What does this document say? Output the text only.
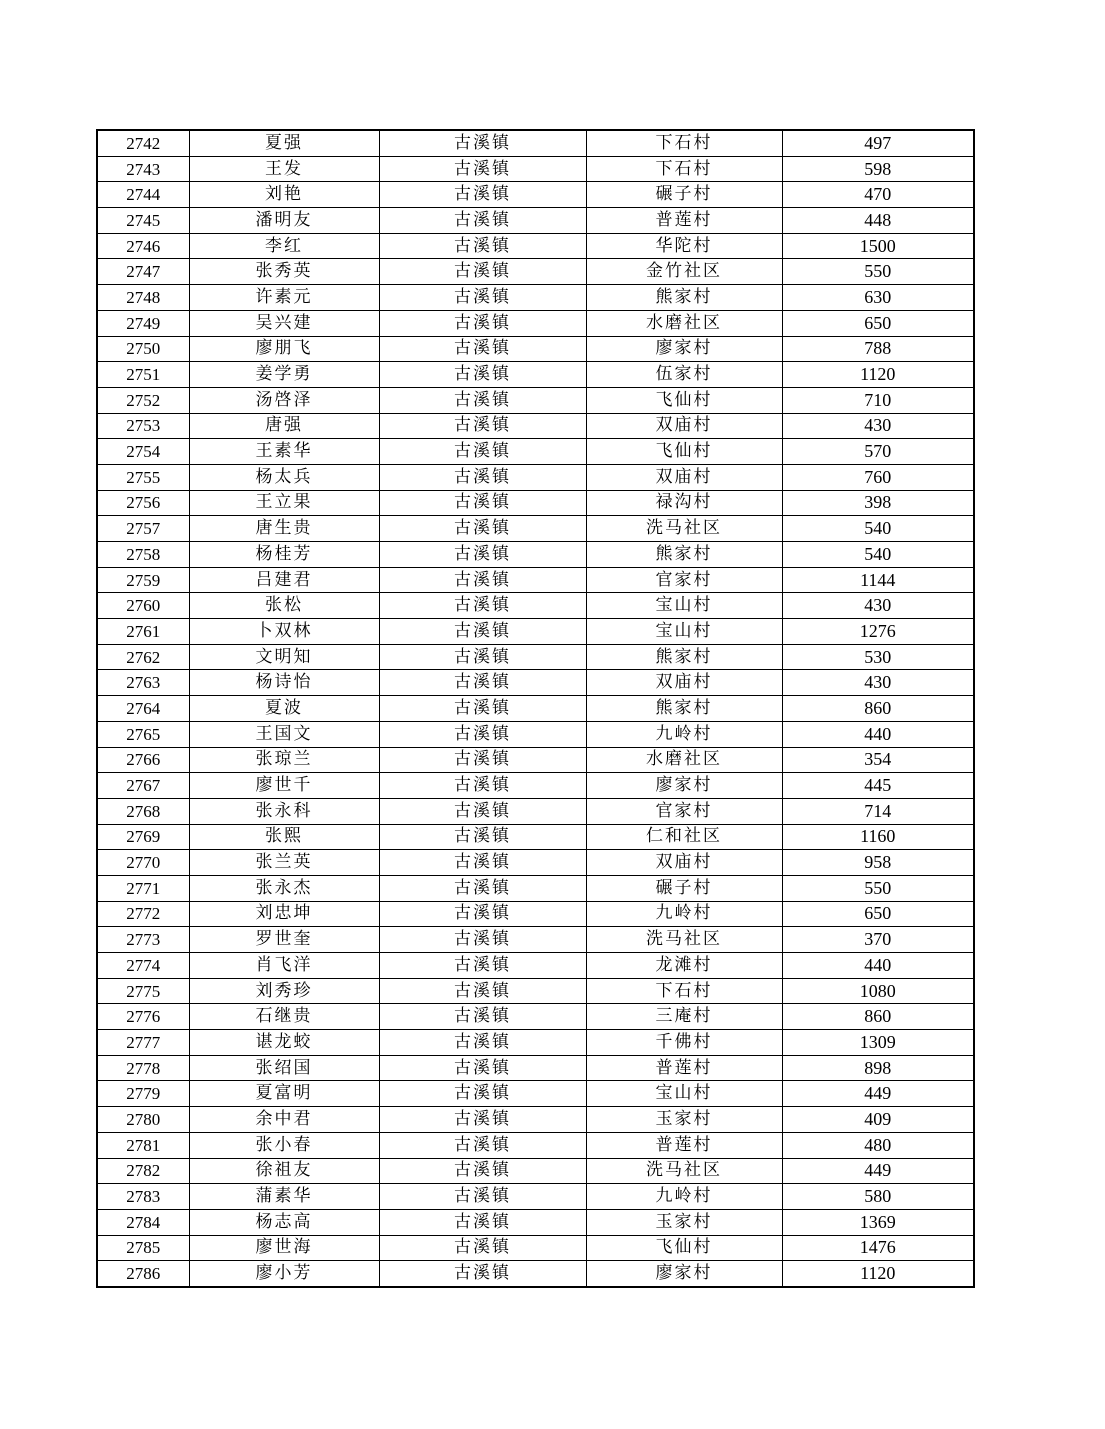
2742	夏强	古溪镇	下石村	497
2743	王发	古溪镇	下石村	598
2744	刘艳	古溪镇	碾子村	470
2745	潘明友	古溪镇	普莲村	448
2746	李红	古溪镇	华陀村	1500
2747	张秀英	古溪镇	金竹社区	550
2748	许素元	古溪镇	熊家村	630
2749	吴兴建	古溪镇	水磨社区	650
2750	廖朋飞	古溪镇	廖家村	788
2751	姜学勇	古溪镇	伍家村	1120
2752	汤啓泽	古溪镇	飞仙村	710
2753	唐强	古溪镇	双庙村	430
2754	王素华	古溪镇	飞仙村	570
2755	杨太兵	古溪镇	双庙村	760
2756	王立果	古溪镇	禄沟村	398
2757	唐生贵	古溪镇	洗马社区	540
2758	杨桂芳	古溪镇	熊家村	540
2759	吕建君	古溪镇	官家村	1144
2760	张松	古溪镇	宝山村	430
2761	卜双林	古溪镇	宝山村	1276
2762	文明知	古溪镇	熊家村	530
2763	杨诗怡	古溪镇	双庙村	430
2764	夏波	古溪镇	熊家村	860
2765	王国文	古溪镇	九岭村	440
2766	张琼兰	古溪镇	水磨社区	354
2767	廖世千	古溪镇	廖家村	445
2768	张永科	古溪镇	官家村	714
2769	张熙	古溪镇	仁和社区	1160
2770	张兰英	古溪镇	双庙村	958
2771	张永杰	古溪镇	碾子村	550
2772	刘忠坤	古溪镇	九岭村	650
2773	罗世奎	古溪镇	洗马社区	370
2774	肖飞洋	古溪镇	龙滩村	440
2775	刘秀珍	古溪镇	下石村	1080
2776	石继贵	古溪镇	三庵村	860
2777	谌龙蛟	古溪镇	千佛村	1309
2778	张绍国	古溪镇	普莲村	898
2779	夏富明	古溪镇	宝山村	449
2780	余中君	古溪镇	玉家村	409
2781	张小春	古溪镇	普莲村	480
2782	徐祖友	古溪镇	洗马社区	449
2783	蒲素华	古溪镇	九岭村	580
2784	杨志高	古溪镇	玉家村	1369
2785	廖世海	古溪镇	飞仙村	1476
2786	廖小芳	古溪镇	廖家村	1120
